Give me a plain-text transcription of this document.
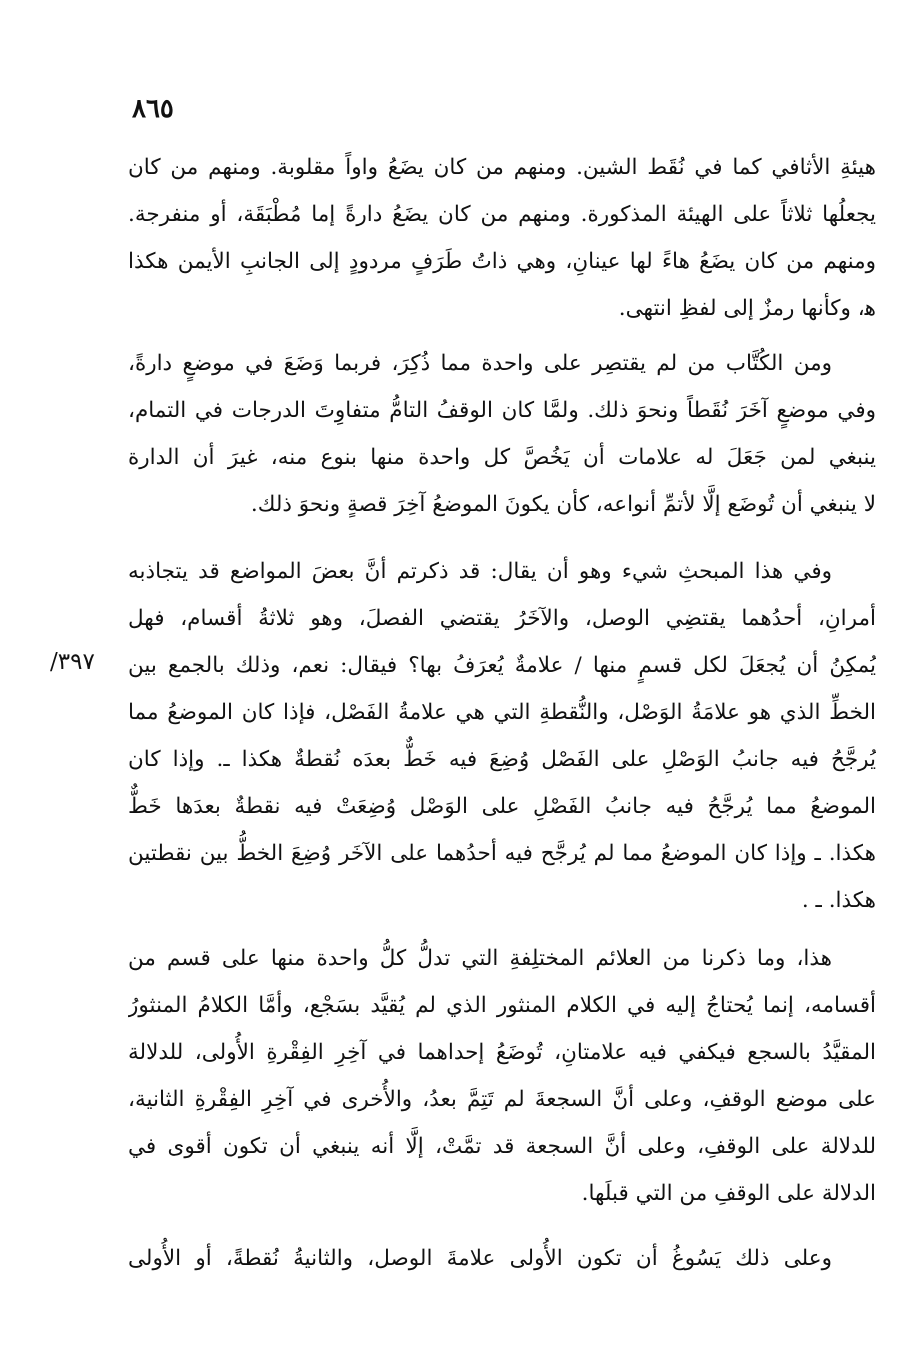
٨٦٥
٣٩٧/
هيئةِ الأثافي كما في نُقَط الشين. ومنهم من كان يضَعُ واواً مقلوبة. ومنهم من كان
يجعلُها ثلاثاً على الهيئة المذكورة. ومنهم من كان يضَعُ دارةً إما مُطْبَقَة، أو منفرجة.
ومنهم من كان يضَعُ هاءً لها عينانِ، وهي ذاتُ طَرَفٍ مردودٍ إلى الجانبِ الأيمن هكذا
ﻫ، وكأنها رمزٌ إلى لفظِ انتهى.
ومن الكُتَّاب من لم يقتصِر على واحدة مما ذُكِرَ، فربما وَضَعَ في موضعٍ دارةً،
وفي موضعٍ آخَرَ نُقَطاً ونحوَ ذلك. ولمَّا كان الوقفُ التامُّ متفاوِتَ الدرجات في التمام،
ينبغي لمن جَعَلَ له علامات أن يَخُصَّ كل واحدة منها بنوع منه، غيرَ أن الدارة
لا ينبغي أن تُوضَع إلَّا لأتمِّ أنواعه، كأن يكونَ الموضعُ آخِرَ قصةٍ ونحوَ ذلك.
وفي هذا المبحثِ شيء وهو أن يقال: قد ذكرتم أنَّ بعضَ المواضع قد يتجاذبه
أمرانِ، أحدُهما يقتضِي الوصل، والآخَرُ يقتضي الفصلَ، وهو ثلاثةُ أقسام، فهل
يُمكِنُ أن يُجعَلَ لكل قسمٍ منها / علامةٌ يُعرَفُ بها؟ فيقال: نعم، وذلك بالجمع بين
الخطِّ الذي هو علامَةُ الوَصْل، والنُّقطةِ التي هي علامةُ الفَصْل، فإذا كان الموضعُ مما
يُرجَّحُ فيه جانبُ الوَصْلِ على الفَصْل وُضِعَ فيه خَطٌّ بعدَه نُقطةٌ هكذا ـ. وإذا كان
الموضعُ مما يُرجَّحُ فيه جانبُ الفَصْلِ على الوَصْل وُضِعَتْ فيه نقطةٌ بعدَها خَطٌّ
هكذا. ـ وإذا كان الموضعُ مما لم يُرجَّح فيه أحدُهما على الآخَر وُضِعَ الخطُّ بين نقطتين
هكذا. ـ .
هذا، وما ذكرنا من العلائم المختلِفةِ التي تدلُّ كلُّ واحدة منها على قسم من
أقسامه، إنما يُحتاجُ إليه في الكلام المنثور الذي لم يُقيَّد بسَجْع، وأمَّا الكلامُ المنثورُ
المقيَّدُ بالسجع فيكفي فيه علامتانِ، تُوضَعُ إحداهما في آخِرِ الفِقْرةِ الأُولى، للدلالة
على موضع الوقفِ، وعلى أنَّ السجعةَ لم تَتِمَّ بعدُ، والأُخرى في آخِرِ الفِقْرةِ الثانية،
للدلالة على الوقفِ، وعلى أنَّ السجعة قد تمَّتْ، إلَّا أنه ينبغي أن تكون أقوى في
الدلالة على الوقفِ من التي قبلَها.
وعلى ذلك يَسُوغُ أن تكون الأُولى علامةَ الوصل، والثانيةُ نُقطةً، أو الأُولى
